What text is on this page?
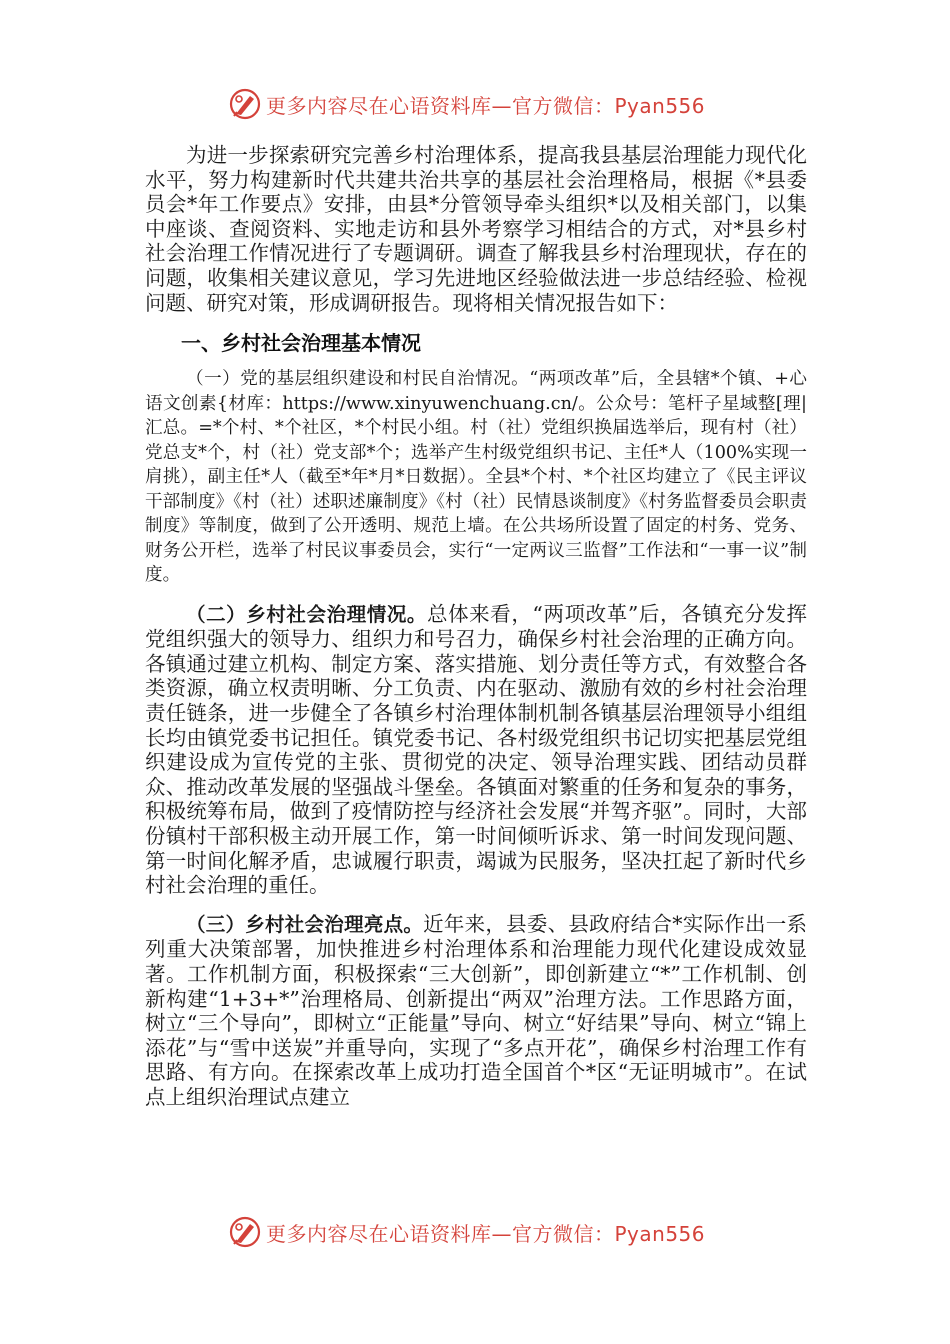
更多内容尽在心语资料库—官方微信：Pyan556

为进一步探索研究完善乡村治理体系，提高我县基层治理能力现代化水平，努力构建新时代共建共治共享的基层社会治理格局，根据《*县委员会*年工作要点》安排，由县*分管领导牵头组织*以及相关部门，以集中座谈、查阅资料、实地走访和县外考察学习相结合的方式，对*县乡村社会治理工作情况进行了专题调研。调查了解我县乡村治理现状，存在的问题，收集相关建议意见，学习先进地区经验做法进一步总结经验、检视问题、研究对策，形成调研报告。现将相关情况报告如下：

一、乡村社会治理基本情况

（一）党的基层组织建设和村民自治情况。“两项改革”后，全县辖*个镇、+心语文创素{材库：https://www.xinyuwenchuang.cn/。公众号：笔杆子星域整[理|汇总。=*个村、*个社区，*个村民小组。村（社）党组织换届选举后，现有村（社）党总支*个，村（社）党支部*个；选举产生村级党组织书记、主任*人（100%实现一肩挑），副主任*人（截至*年*月*日数据）。全县*个村、*个社区均建立了《民主评议干部制度》《村（社）述职述廉制度》《村（社）民情恳谈制度》《村务监督委员会职责制度》等制度，做到了公开透明、规范上墙。在公共场所设置了固定的村务、党务、财务公开栏，选举了村民议事委员会，实行“一定两议三监督”工作法和“一事一议”制度。

（二）乡村社会治理情况。总体来看，“两项改革”后，各镇充分发挥党组织强大的领导力、组织力和号召力，确保乡村社会治理的正确方向。各镇通过建立机构、制定方案、落实措施、划分责任等方式，有效整合各类资源，确立权责明晰、分工负责、内在驱动、激励有效的乡村社会治理责任链条，进一步健全了各镇乡村治理体制机制各镇基层治理领导小组组长均由镇党委书记担任。镇党委书记、各村级党组织书记切实把基层党组织建设成为宣传党的主张、贯彻党的决定、领导治理实践、团结动员群众、推动改革发展的坚强战斗堡垒。各镇面对繁重的任务和复杂的事务，积极统筹布局，做到了疫情防控与经济社会发展“并驾齐驱”。同时，大部份镇村干部积极主动开展工作，第一时间倾听诉求、第一时间发现问题、第一时间化解矛盾，忠诚履行职责，竭诚为民服务，坚决扛起了新时代乡村社会治理的重任。

（三）乡村社会治理亮点。近年来，县委、县政府结合*实际作出一系列重大决策部署，加快推进乡村治理体系和治理能力现代化建设成效显著。工作机制方面，积极探索“三大创新”，即创新建立“*”工作机制、创新构建“1+3+*”治理格局、创新提出“两双”治理方法。工作思路方面，树立“三个导向”，即树立“正能量”导向、树立“好结果”导向、树立“锦上添花”与“雪中送炭”并重导向，实现了“多点开花”，确保乡村治理工作有思路、有方向。在探索改革上成功打造全国首个*区“无证明城市”。在试点上组织治理试点建立

更多内容尽在心语资料库—官方微信：Pyan556
